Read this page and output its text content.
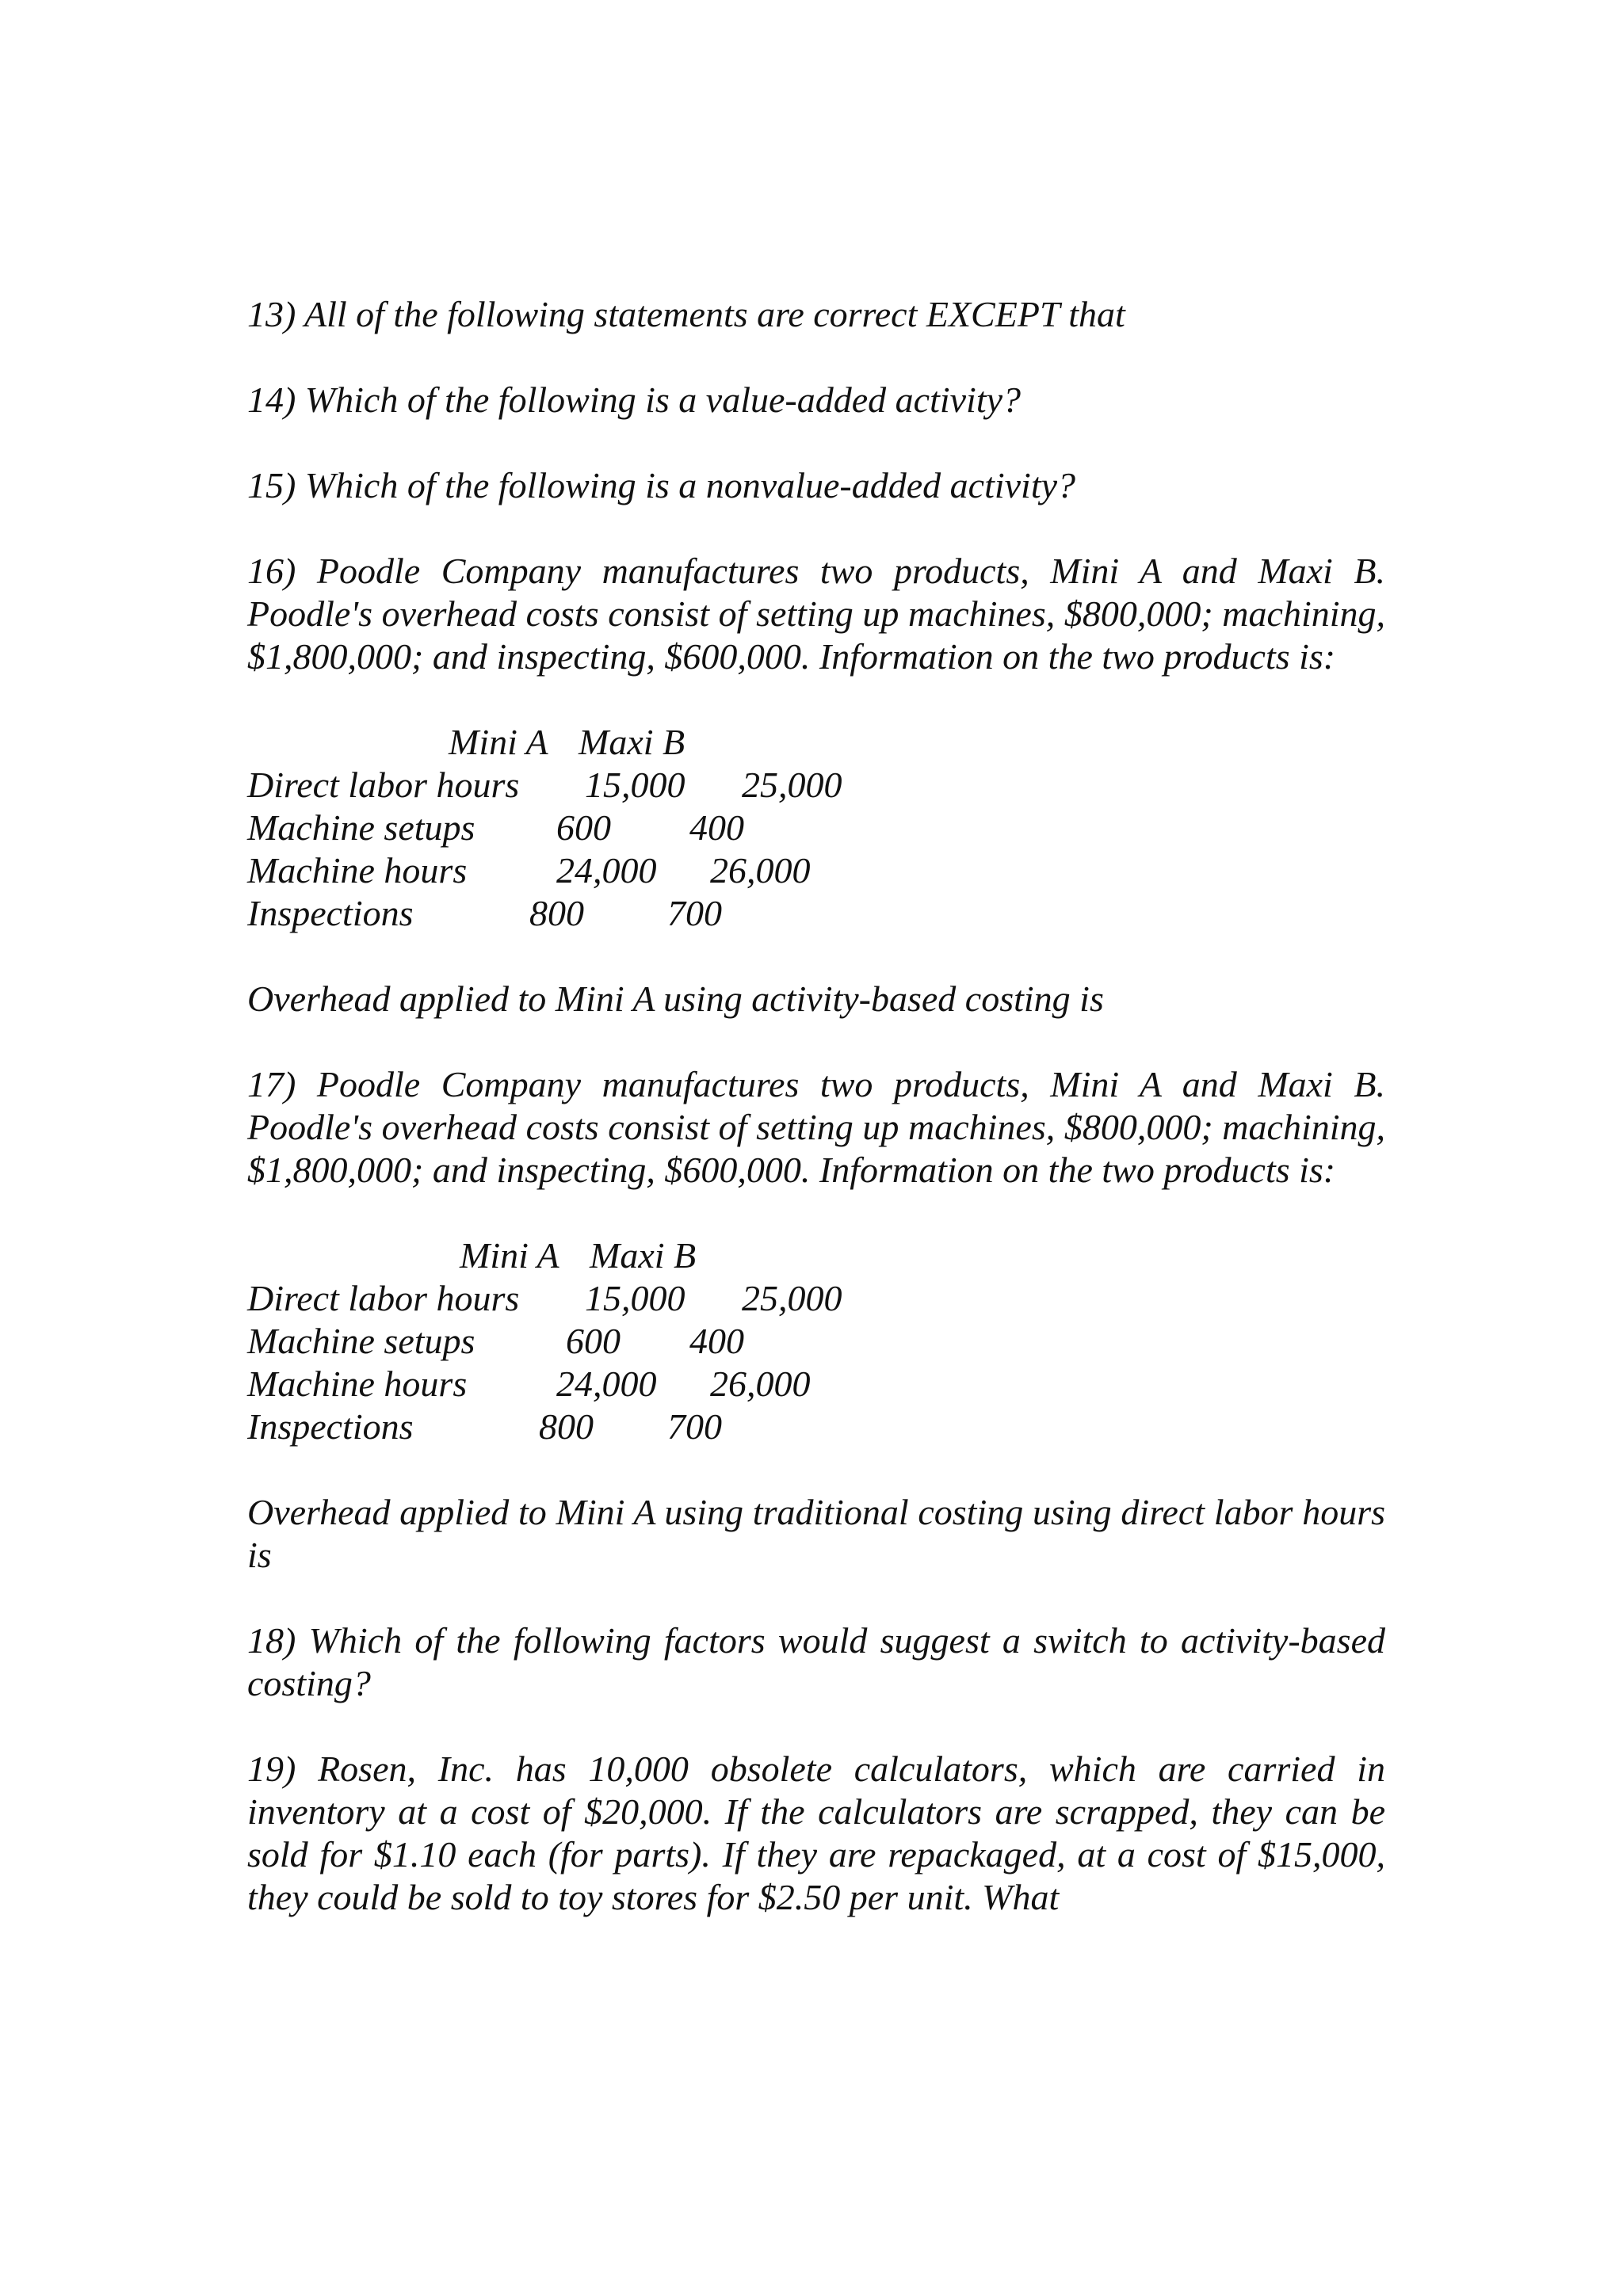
13) All of the following statements are correct EXCEPT that

14) Which of the following is a value-added activity?

15) Which of the following is a nonvalue-added activity?

16) Poodle Company manufactures two products, Mini A and Maxi B. Poodle's overhead costs consist of setting up machines, $800,000; machining, $1,800,000; and inspecting, $600,000. Information on the two products is:

Mini A Maxi B
Direct labor hours 15,000 25,000
Machine setups 600 400
Machine hours 24,000 26,000
Inspections	800 700

Overhead applied to Mini A using activity-based costing is

17) Poodle Company manufactures two products, Mini A and Maxi B. Poodle's overhead costs consist of setting up machines, $800,000; machining, $1,800,000; and inspecting, $600,000. Information on the two products is:

Mini A Maxi B
Direct labor hours 15,000 25,000
Machine setups 600 400
Machine hours 24,000 26,000
Inspections	800 700

Overhead applied to Mini A using traditional costing using direct labor hours is

18) Which of the following factors would suggest a switch to activity-based costing?

19) Rosen, Inc. has 10,000 obsolete calculators, which are carried in inventory at a cost of $20,000. If the calculators are scrapped, they can be sold for $1.10 each (for parts). If they are repackaged, at a cost of $15,000, they could be sold to toy stores for $2.50 per unit. What
